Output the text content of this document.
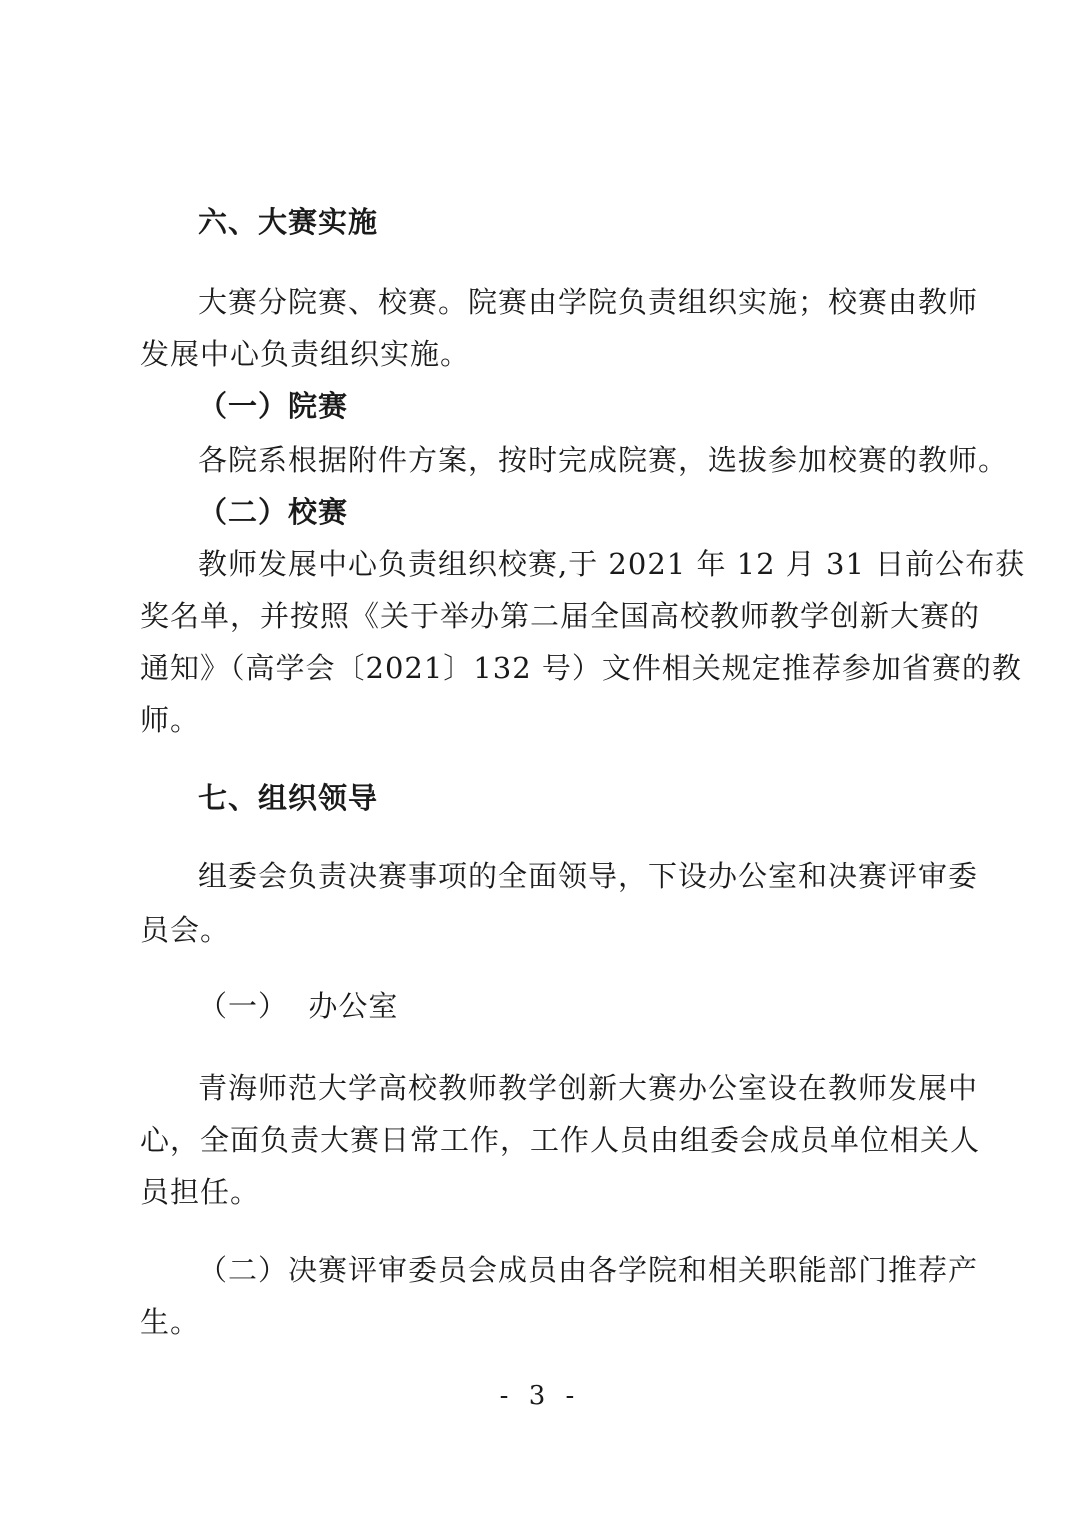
六、大赛实施
大赛分院赛、校赛。院赛由学院负责组织实施；校赛由教师
发展中心负责组织实施。
（一）院赛
各院系根据附件方案，按时完成院赛，选拔参加校赛的教师。
（二）校赛
教师发展中心负责组织校赛,于 2021 年 12 月 31 日前公布获
奖名单，并按照《关于举办第二届全国高校教师教学创新大赛的
通知》（高学会〔2021〕132 号）文件相关规定推荐参加省赛的教
师。
七、组织领导
组委会负责决赛事项的全面领导，下设办公室和决赛评审委
员会。
（一）  办公室
青海师范大学高校教师教学创新大赛办公室设在教师发展中
心，全面负责大赛日常工作，工作人员由组委会成员单位相关人
员担任。
（二）决赛评审委员会成员由各学院和相关职能部门推荐产
生。
- 3 -
